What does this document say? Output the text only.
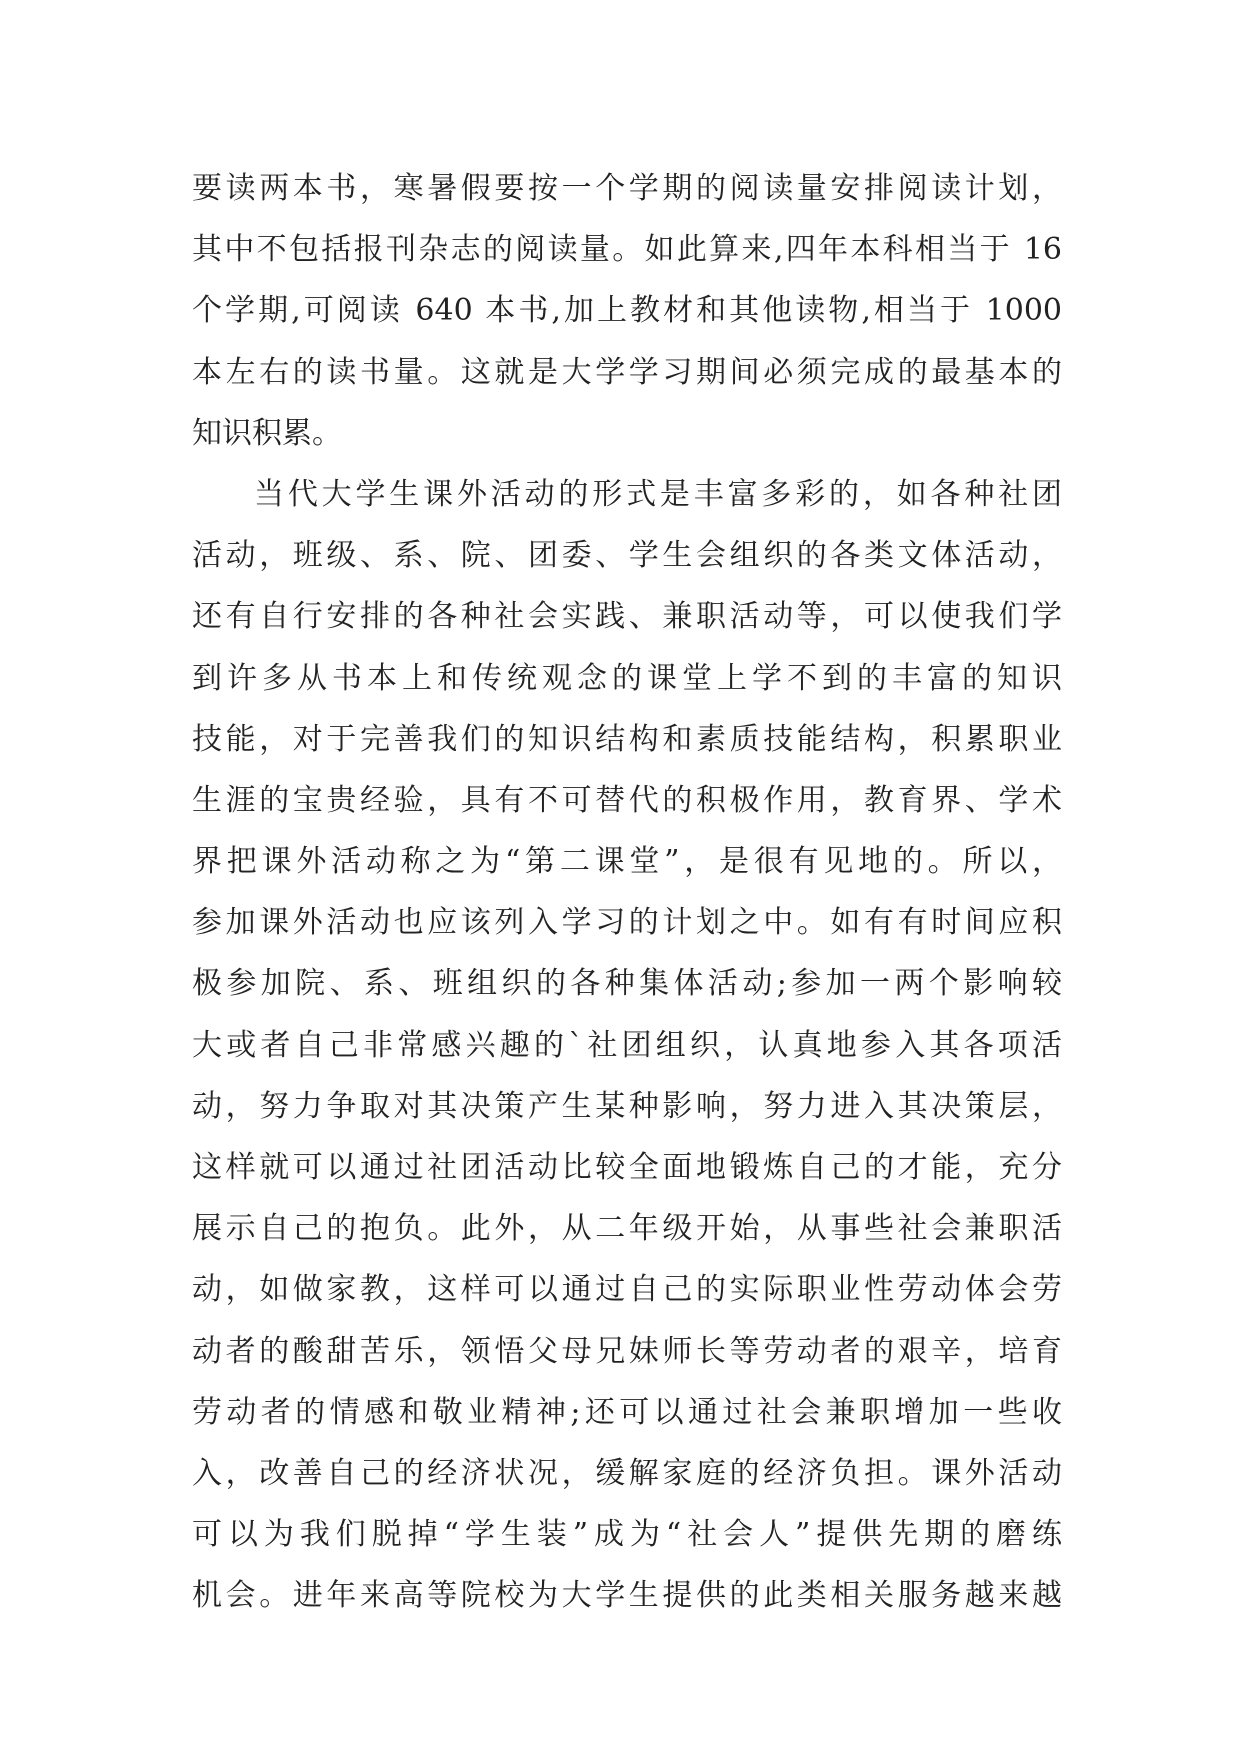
要读两本书，寒暑假要按一个学期的阅读量安排阅读计划，
其中不包括报刊杂志的阅读量。如此算来,四年本科相当于 16
个学期,可阅读 640 本书,加上教材和其他读物,相当于 1000
本左右的读书量。这就是大学学习期间必须完成的最基本的
知识积累。
当代大学生课外活动的形式是丰富多彩的，如各种社团
活动，班级、系、院、团委、学生会组织的各类文体活动，
还有自行安排的各种社会实践、兼职活动等，可以使我们学
到许多从书本上和传统观念的课堂上学不到的丰富的知识
技能，对于完善我们的知识结构和素质技能结构，积累职业
生涯的宝贵经验，具有不可替代的积极作用，教育界、学术
界把课外活动称之为“第二课堂”，是很有见地的。所以，
参加课外活动也应该列入学习的计划之中。如有有时间应积
极参加院、系、班组织的各种集体活动;参加一两个影响较
大或者自己非常感兴趣的`社团组织，认真地参入其各项活
动，努力争取对其决策产生某种影响，努力进入其决策层，
这样就可以通过社团活动比较全面地锻炼自己的才能，充分
展示自己的抱负。此外，从二年级开始，从事些社会兼职活
动，如做家教，这样可以通过自己的实际职业性劳动体会劳
动者的酸甜苦乐，领悟父母兄妹师长等劳动者的艰辛，培育
劳动者的情感和敬业精神;还可以通过社会兼职增加一些收
入，改善自己的经济状况，缓解家庭的经济负担。课外活动
可以为我们脱掉“学生装”成为“社会人”提供先期的磨练
机会。进年来高等院校为大学生提供的此类相关服务越来越
